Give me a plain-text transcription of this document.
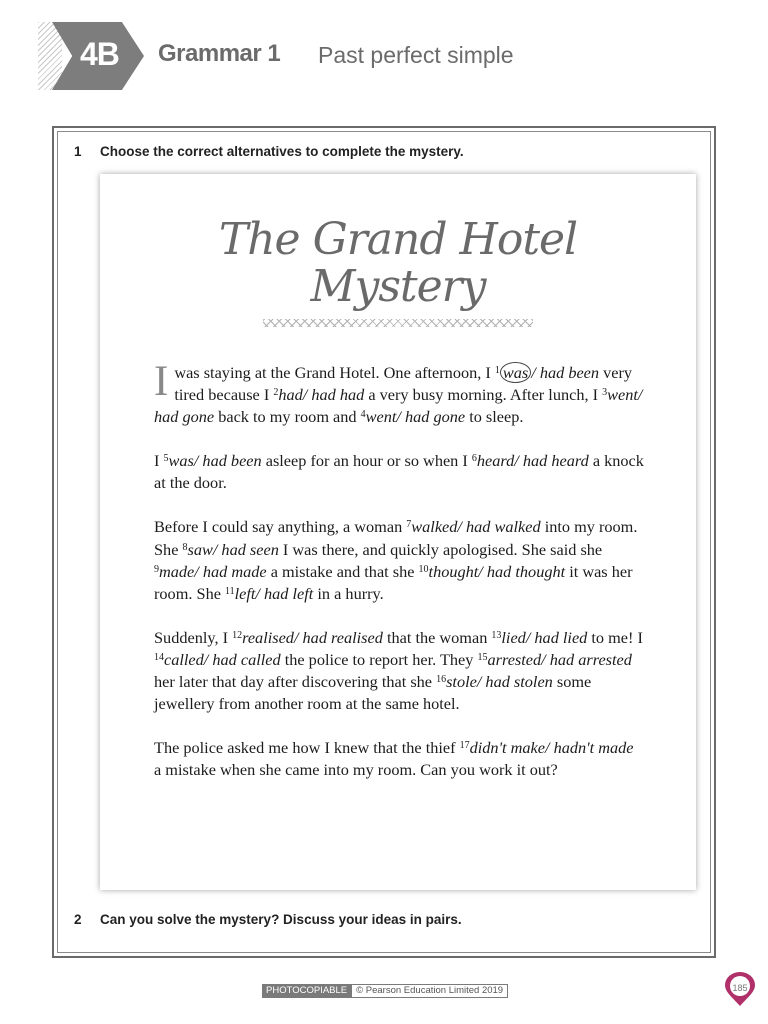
4B Grammar 1 Past perfect simple
1 Choose the correct alternatives to complete the mystery.
The Grand Hotel
Mystery

I was staying at the Grand Hotel. One afternoon, I $^1$ was / had been very tired because I $^2$had/ had had a very busy morning. After lunch, I $^3$went/ had gone back to my room and $^4$went/ had gone to sleep.

I $^5$was/ had been asleep for an hour or so when I $^6$heard/ had heard a knock at the door.

Before I could say anything, a woman $^7$walked/ had walked into my room. She $^8$saw/ had seen I was there, and quickly apologised. She said she $^9$made/ had made a mistake and that she $^{10}$thought/ had thought it was her room. She $^{11}$left/ had left in a hurry.

Suddenly, I $^{12}$realised/ had realised that the woman $^{13}$lied/ had lied to me! I $^{14}$called/ had called the police to report her. They $^{15}$arrested/ had arrested her later that day after discovering that she $^{16}$stole/ had stolen some jewellery from another room at the same hotel.

The police asked me how I knew that the thief $^{17}$didn't make/ hadn't made a mistake when she came into my room. Can you work it out?

2 Can you solve the mystery? Discuss your ideas in pairs.
PHOTOCOPIABLE © Pearson Education Limited 2019	185
